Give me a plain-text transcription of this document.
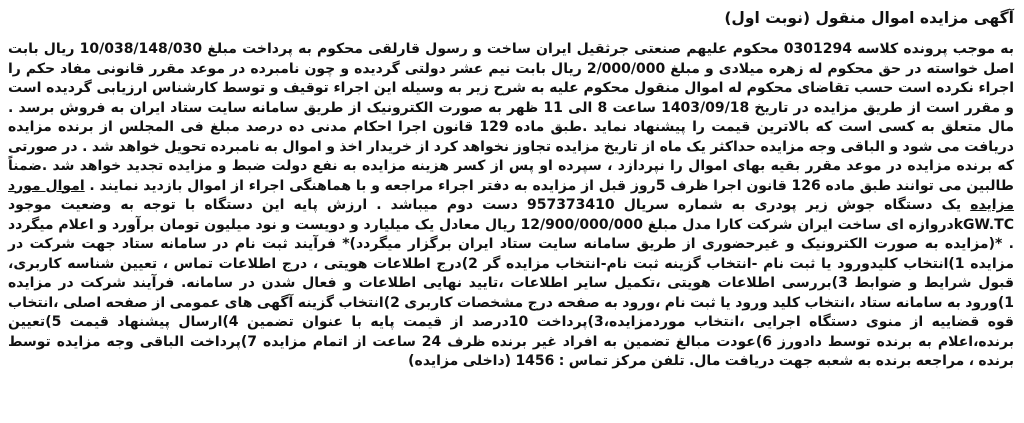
آگهی مزایده اموال منقول (نوبت اول)

به موجب پرونده کلاسه 0301294 محکوم علیهم صنعتی جرثقیل ایران ساخت و رسول قارلقی محکوم به پرداخت مبلغ 10/038/148/030 ریال بابت اصل خواسته در حق محکوم له زهره میلادی و مبلغ 2/000/000 ریال بابت نیم عشر دولتی گردیده و چون نامبرده در موعد مقرر قانونی مفاد حکم را اجراء نکرده است حسب تقاضای محکوم له اموال منقول محکوم علیه به شرح زیر به وسیله این اجراء توقیف و توسط کارشناس ارزیابی گردیده است و مقرر است از طریق مزایده در تاریخ 1403/09/18 ساعت 8 الی 11 ظهر به صورت الکترونیک از طریق سامانه سایت ستاد ایران به فروش برسد . مال متعلق به کسی است که بالاترین قیمت را پیشنهاد نماید .طبق ماده 129 قانون اجرا احکام مدنی ده درصد مبلغ فی المجلس از برنده مزایده دریافت می شود و الباقی وجه مزایده حداکثر یک ماه از تاریخ مزایده تجاوز نخواهد کرد از خریدار اخذ و اموال به نامبرده تحویل خواهد شد . در صورتی که برنده مزایده در موعد مقرر بقیه بهای اموال را نپردازد ، سپرده او پس از کسر هزینه مزایده به نفع دولت ضبط و مزایده تجدید خواهد شد .ضمناً طالبین می توانند طبق ماده 126 قانون اجرا ظرف 5روز قبل از مزایده به دفتر اجراء مراجعه و با هماهنگی اجراء از اموال بازدید نمایند . اموال مورد مزایده یک دستگاه جوش زیر پودری به شماره سریال 957373410 دست دوم میباشد . ارزش پایه این دستگاه با توجه به وضعیت موجود kGW.TCدروازه ای ساخت ایران شرکت کارا مدل مبلغ 12/900/000/000 ریال معادل یک میلیارد و دویست و نود میلیون تومان برآورد و اعلام میگردد . *(مزایده به صورت الکترونیک و غیرحضوری از طریق سامانه سایت ستاد ایران برگزار میگردد)* فرآیند ثبت نام در سامانه ستاد جهت شرکت در مزایده 1)انتخاب کلیدورود یا ثبت نام -انتخاب گزینه ثبت نام-انتخاب مزایده گر 2)درج اطلاعات هویتی ، درج اطلاعات تماس ، تعیین شناسه کاربری، قبول شرایط و ضوابط 3)بررسی اطلاعات هویتی ،تکمیل سایر اطلاعات ،تایید نهایی اطلاعات و فعال شدن در سامانه. فرآیند شرکت در مزایده 1)ورود به سامانه ستاد ،انتخاب کلید ورود یا ثبت نام ،ورود به صفحه درج مشخصات کاربری 2)انتخاب گزینه آگهی های عمومی از صفحه اصلی ،انتخاب قوه قضاییه از منوی دستگاه اجرایی ،انتخاب موردمزایده،3)پرداخت 10درصد از قیمت پایه با عنوان تضمین 4)ارسال پیشنهاد قیمت 5)تعیین برنده،اعلام به برنده توسط دادورز 6)عودت مبالغ تضمین به افراد غیر برنده ظرف 24 ساعت از اتمام مزایده 7)پرداخت الباقی وجه مزایده توسط برنده ، مراجعه برنده به شعبه جهت دریافت مال. تلفن مرکز تماس : 1456 (داخلی مزایده)
